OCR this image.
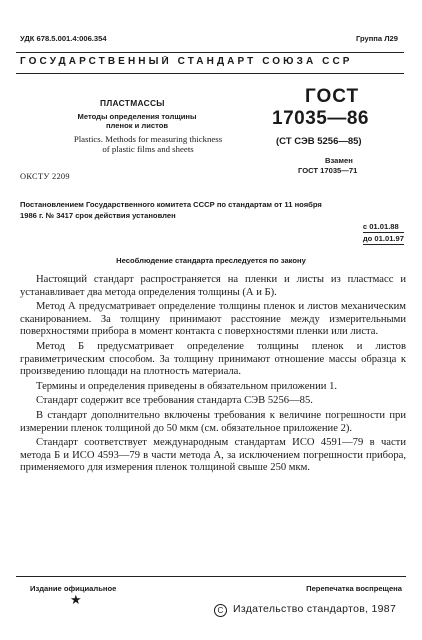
УДК 678.5.001.4:006.354	Группа Л29
ГОСУДАРСТВЕННЫЙ СТАНДАРТ СОЮЗА ССР
ПЛАСТМАССЫ
Методы определения толщины
пленок и листов
Plastics. Methods for measuring thickness
of plastic films and sheets
ОКСТУ 2209
ГОСТ
17035—86
(СТ СЭВ 5256—85)
Взамен
ГОСТ 17035—71
Постановлением Государственного комитета СССР по стандартам от 11 ноября
1986 г. № 3417 срок действия установлен
с 01.01.88
до 01.01.97
Несоблюдение стандарта преследуется по закону

Настоящий стандарт распространяется на пленки и листы из пластмасс и устанавливает два метода определения толщины (А и Б).

Метод А предусматривает определение толщины пленок и листов механическим сканированием. За толщину принимают расстояние между измерительными поверхностями прибора в момент контакта с поверхностями пленки или листа.

Метод Б предусматривает определение толщины пленок и листов гравиметрическим способом. За толщину принимают отношение массы образца к произведению площади на плотность материала.

Термины и определения приведены в обязательном приложении 1.

Стандарт содержит все требования стандарта СЭВ 5256—85.

В стандарт дополнительно включены требования к величине погрешности при измерении пленок толщиной до 50 мкм (см. обязательное приложение 2).

Стандарт соответствует международным стандартам ИСО 4591—79 в части метода Б и ИСО 4593—79 в части метода А, за исключением погрешности прибора, применяемого для измерения пленок толщиной свыше 250 мкм.

Издание официальное
★
Перепечатка воспрещена
C Издательство стандартов, 1987
